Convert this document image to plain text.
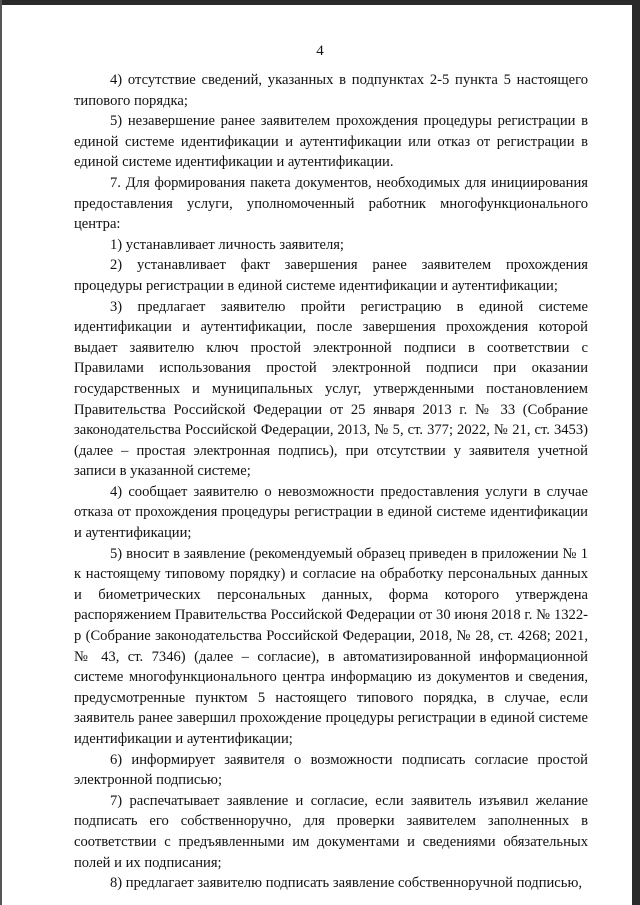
4

4) отсутствие сведений, указанных в подпунктах 2-5 пункта 5 настоящего типового порядка;

5) незавершение ранее заявителем прохождения процедуры регистрации в единой системе идентификации и аутентификации или отказ от регистрации в единой системе идентификации и аутентификации.

7. Для формирования пакета документов, необходимых для инициирования предоставления услуги, уполномоченный работник многофункционального центра:

1) устанавливает личность заявителя;

2) устанавливает факт завершения ранее заявителем прохождения процедуры регистрации в единой системе идентификации и аутентификации;

3) предлагает заявителю пройти регистрацию в единой системе идентификации и аутентификации, после завершения прохождения которой выдает заявителю ключ простой электронной подписи в соответствии с Правилами использования простой электронной подписи при оказании государственных и муниципальных услуг, утвержденными постановлением Правительства Российской Федерации от 25 января 2013 г. № 33 (Собрание законодательства Российской Федерации, 2013, № 5, ст. 377; 2022, № 21, ст. 3453) (далее – простая электронная подпись), при отсутствии у заявителя учетной записи в указанной системе;

4) сообщает заявителю о невозможности предоставления услуги в случае отказа от прохождения процедуры регистрации в единой системе идентификации и аутентификации;

5) вносит в заявление (рекомендуемый образец приведен в приложении № 1 к настоящему типовому порядку) и согласие на обработку персональных данных и биометрических персональных данных, форма которого утверждена распоряжением Правительства Российской Федерации от 30 июня 2018 г. № 1322-р (Собрание законодательства Российской Федерации, 2018, № 28, ст. 4268; 2021, № 43, ст. 7346) (далее – согласие), в автоматизированной информационной системе многофункционального центра информацию из документов и сведения, предусмотренные пунктом 5 настоящего типового порядка, в случае, если заявитель ранее завершил прохождение процедуры регистрации в единой системе идентификации и аутентификации;

6) информирует заявителя о возможности подписать согласие простой электронной подписью;

7) распечатывает заявление и согласие, если заявитель изъявил желание подписать его собственноручно, для проверки заявителем заполненных в соответствии с предъявленными им документами и сведениями обязательных полей и их подписания;

8) предлагает заявителю подписать заявление собственноручной подписью,
